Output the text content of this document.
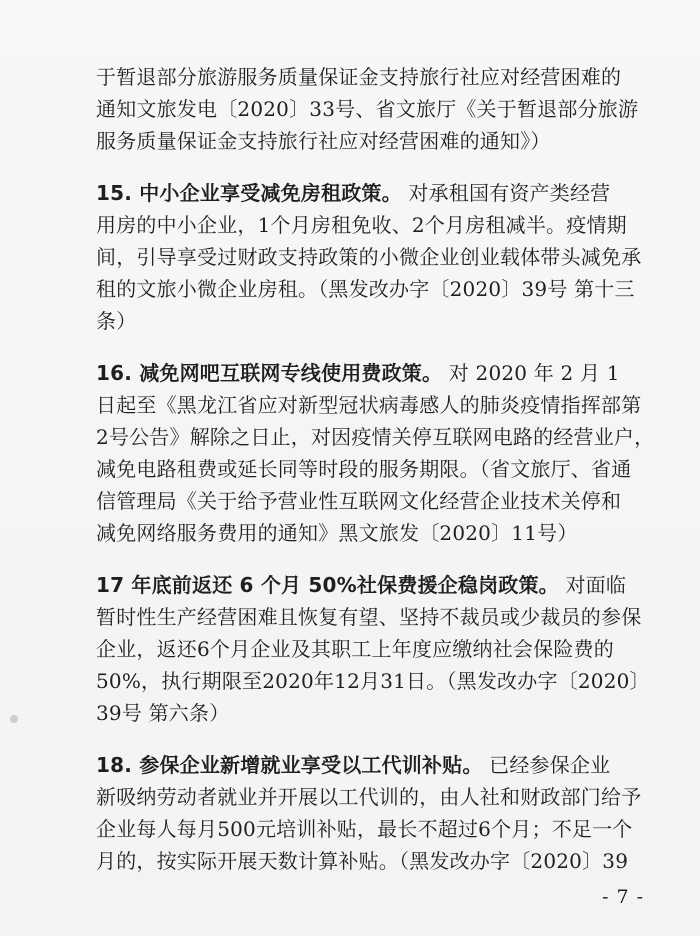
于暂退部分旅游服务质量保证金支持旅行社应对经营困难的
通知文旅发电〔2020〕33号、省文旅厅《关于暂退部分旅游
服务质量保证金支持旅行社应对经营困难的通知》）
15. 中小企业享受减免房租政策。 对承租国有资产类经营
用房的中小企业，1个月房租免收、2个月房租减半。疫情期
间，引导享受过财政支持政策的小微企业创业载体带头减免承
租的文旅小微企业房租。（黑发改办字〔2020〕39号 第十三
条）
16. 减免网吧互联网专线使用费政策。 对 2020 年 2 月 1
日起至《黑龙江省应对新型冠状病毒感人的肺炎疫情指挥部第
2号公告》解除之日止，对因疫情关停互联网电路的经营业户，
减免电路租费或延长同等时段的服务期限。（省文旅厅、省通
信管理局《关于给予营业性互联网文化经营企业技术关停和
减免网络服务费用的通知》黑文旅发〔2020〕11号）
17 年底前返还 6 个月 50%社保费援企稳岗政策。 对面临
暂时性生产经营困难且恢复有望、坚持不裁员或少裁员的参保
企业，返还6个月企业及其职工上年度应缴纳社会保险费的
50%，执行期限至2020年12月31日。（黑发改办字〔2020〕
39号 第六条）
18. 参保企业新增就业享受以工代训补贴。 已经参保企业
新吸纳劳动者就业并开展以工代训的，由人社和财政部门给予
企业每人每月500元培训补贴，最长不超过6个月；不足一个
月的，按实际开展天数计算补贴。（黑发改办字〔2020〕39
- 7 -
